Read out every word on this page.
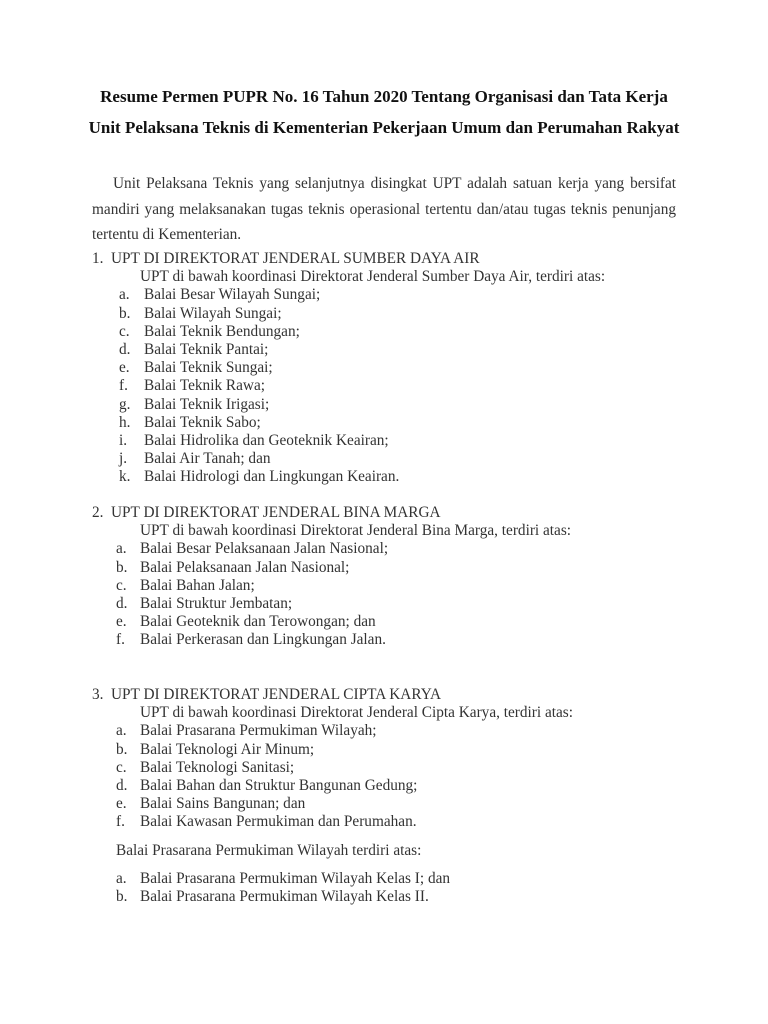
Resume Permen PUPR No. 16 Tahun 2020 Tentang Organisasi dan Tata Kerja
Unit Pelaksana Teknis di Kementerian Pekerjaan Umum dan Perumahan Rakyat

Unit Pelaksana Teknis yang selanjutnya disingkat UPT adalah satuan kerja yang bersifat mandiri yang melaksanakan tugas teknis operasional tertentu dan/atau tugas teknis penunjang tertentu di Kementerian.

1. UPT DI DIREKTORAT JENDERAL SUMBER DAYA AIR
UPT di bawah koordinasi Direktorat Jenderal Sumber Daya Air, terdiri atas:
a. Balai Besar Wilayah Sungai;
b. Balai Wilayah Sungai;
c. Balai Teknik Bendungan;
d. Balai Teknik Pantai;
e. Balai Teknik Sungai;
f. Balai Teknik Rawa;
g. Balai Teknik Irigasi;
h. Balai Teknik Sabo;
i. Balai Hidrolika dan Geoteknik Keairan;
j. Balai Air Tanah; dan
k. Balai Hidrologi dan Lingkungan Keairan.
2. UPT DI DIREKTORAT JENDERAL BINA MARGA
UPT di bawah koordinasi Direktorat Jenderal Bina Marga, terdiri atas:
a. Balai Besar Pelaksanaan Jalan Nasional;
b. Balai Pelaksanaan Jalan Nasional;
c. Balai Bahan Jalan;
d. Balai Struktur Jembatan;
e. Balai Geoteknik dan Terowongan; dan
f. Balai Perkerasan dan Lingkungan Jalan.
3. UPT DI DIREKTORAT JENDERAL CIPTA KARYA
UPT di bawah koordinasi Direktorat Jenderal Cipta Karya, terdiri atas:
a. Balai Prasarana Permukiman Wilayah;
b. Balai Teknologi Air Minum;
c. Balai Teknologi Sanitasi;
d. Balai Bahan dan Struktur Bangunan Gedung;
e. Balai Sains Bangunan; dan
f. Balai Kawasan Permukiman dan Perumahan.
Balai Prasarana Permukiman Wilayah terdiri atas:
a. Balai Prasarana Permukiman Wilayah Kelas I; dan
b. Balai Prasarana Permukiman Wilayah Kelas II.
